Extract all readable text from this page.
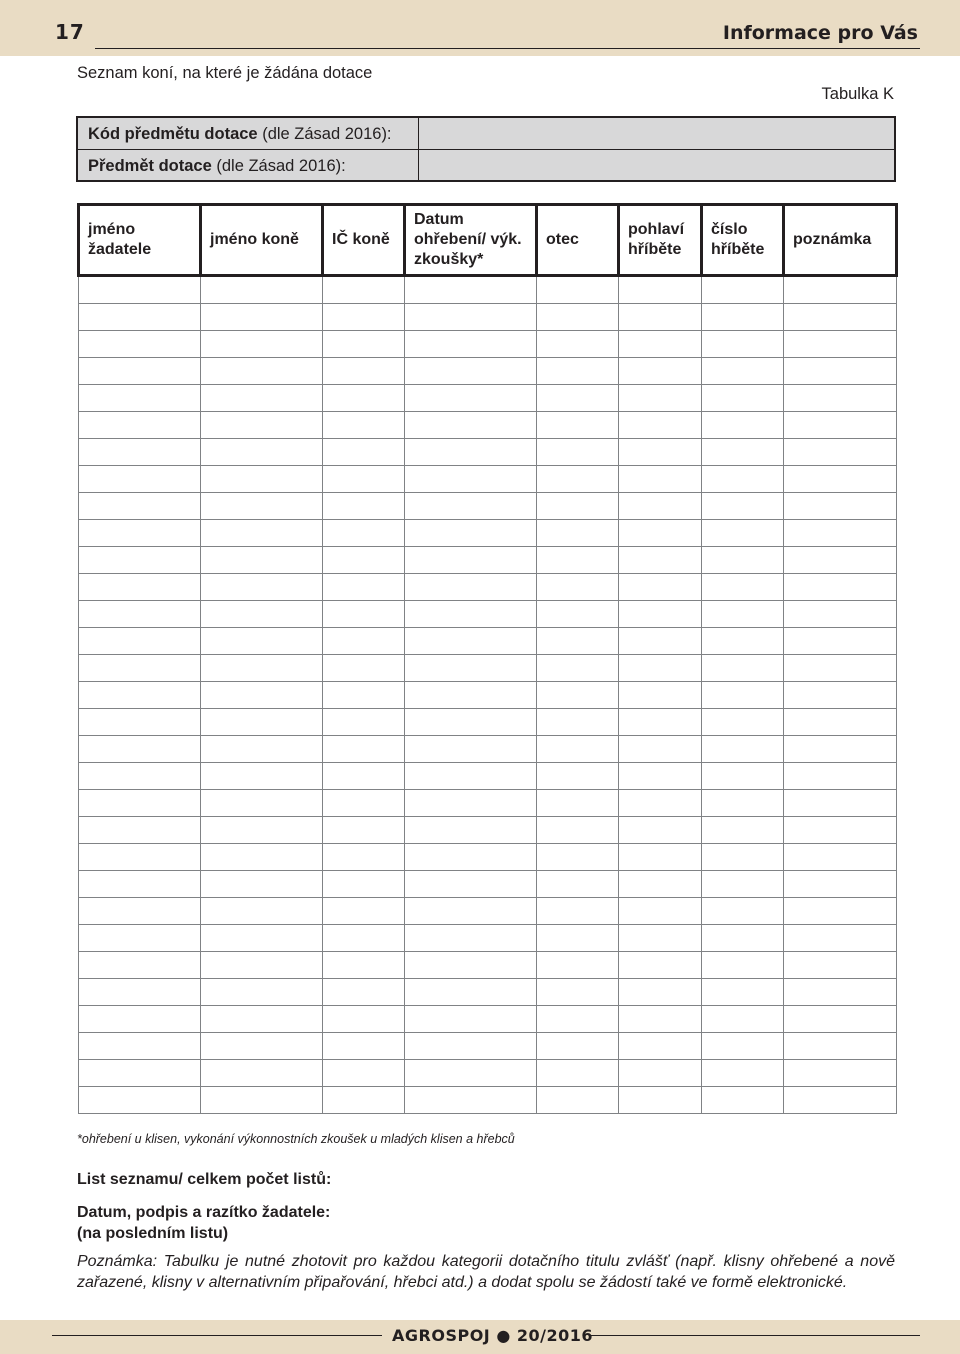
17	Informace pro Vás
Seznam koní, na které je žádána dotace
Tabulka K
Kód předmětu dotace (dle Zásad 2016):
Předmět dotace (dle Zásad 2016):
jméno žadatele	jméno koně	IČ koně	Datum ohřebení/ výk. zkoušky*	otec	pohlaví hříběte	číslo hříběte	poznámka

*ohřebení u klisen, vykonání výkonnostních zkoušek u mladých klisen a hřebců
List seznamu/ celkem počet listů:
Datum, podpis a razítko žadatele:
(na posledním listu)
Poznámka: Tabulku je nutné zhotovit pro každou kategorii dotačního titulu zvlášť (např. klisny ohřebené a nově zařazené, klisny v alternativním připařování, hřebci atd.) a dodat spolu se žádostí také ve formě elektronické.
AGROSPOJ ● 20/2016
